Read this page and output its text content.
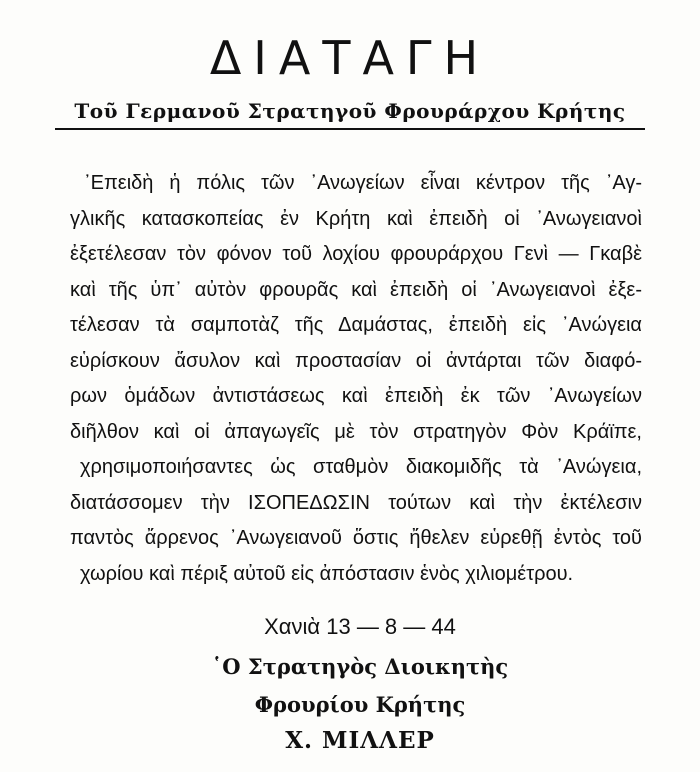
ΔΙΑΤΑΓΗ
Τοῦ Γερμανοῦ Στρατηγοῦ Φρουράρχου Κρήτης
᾿Επειδὴ ἡ πόλις τῶν ᾿Ανωγείων εἶναι κέντρον τῆς ᾿Αγ-
γλικῆς κατασκοπείας ἐν Κρήτη καὶ ἐπειδὴ οἱ ᾿Ανωγειανοὶ
ἐξετέλεσαν τὸν φόνον τοῦ λοχίου φρουράρχου Γενὶ — Γκαβὲ
καὶ τῆς ὑπ᾿ αὐτὸν φρουρᾶς καὶ ἐπειδὴ οἱ ᾿Ανωγειανοὶ ἐξε-
τέλεσαν τὰ σαμποτὰζ τῆς Δαμάστας, ἐπειδὴ εἰς ᾿Ανώγεια
εὑρίσκουν ἄσυλον καὶ προστασίαν οἱ ἀντάρται τῶν διαφό-
ρων ὁμάδων ἀντιστάσεως καὶ ἐπειδὴ ἐκ τῶν ᾿Ανωγείων
διῆλθον καὶ οἱ ἀπαγωγεῖς μὲ τὸν στρατηγὸν Φὸν Κράϊπε,
χρησιμοποιήσαντες ὡς σταθμὸν διακομιδῆς τὰ ᾿Ανώγεια,
διατάσσομεν τὴν ΙΣΟΠΕΔΩΣΙΝ τούτων καὶ τὴν ἐκτέλεσιν
παντὸς ἄρρενος ᾿Ανωγειανοῦ ὅστις ἤθελεν εὑρεθῇ ἐντὸς τοῦ
χωρίου καὶ πέριξ αὐτοῦ εἰς ἀπόστασιν ἑνὸς χιλιομέτρου.

Χανιὰ 13 — 8 — 44

῾Ο Στρατηγὸς Διοικητὴς

Φρουρίου Κρήτης

Χ. ΜΙΛΛΕΡ
